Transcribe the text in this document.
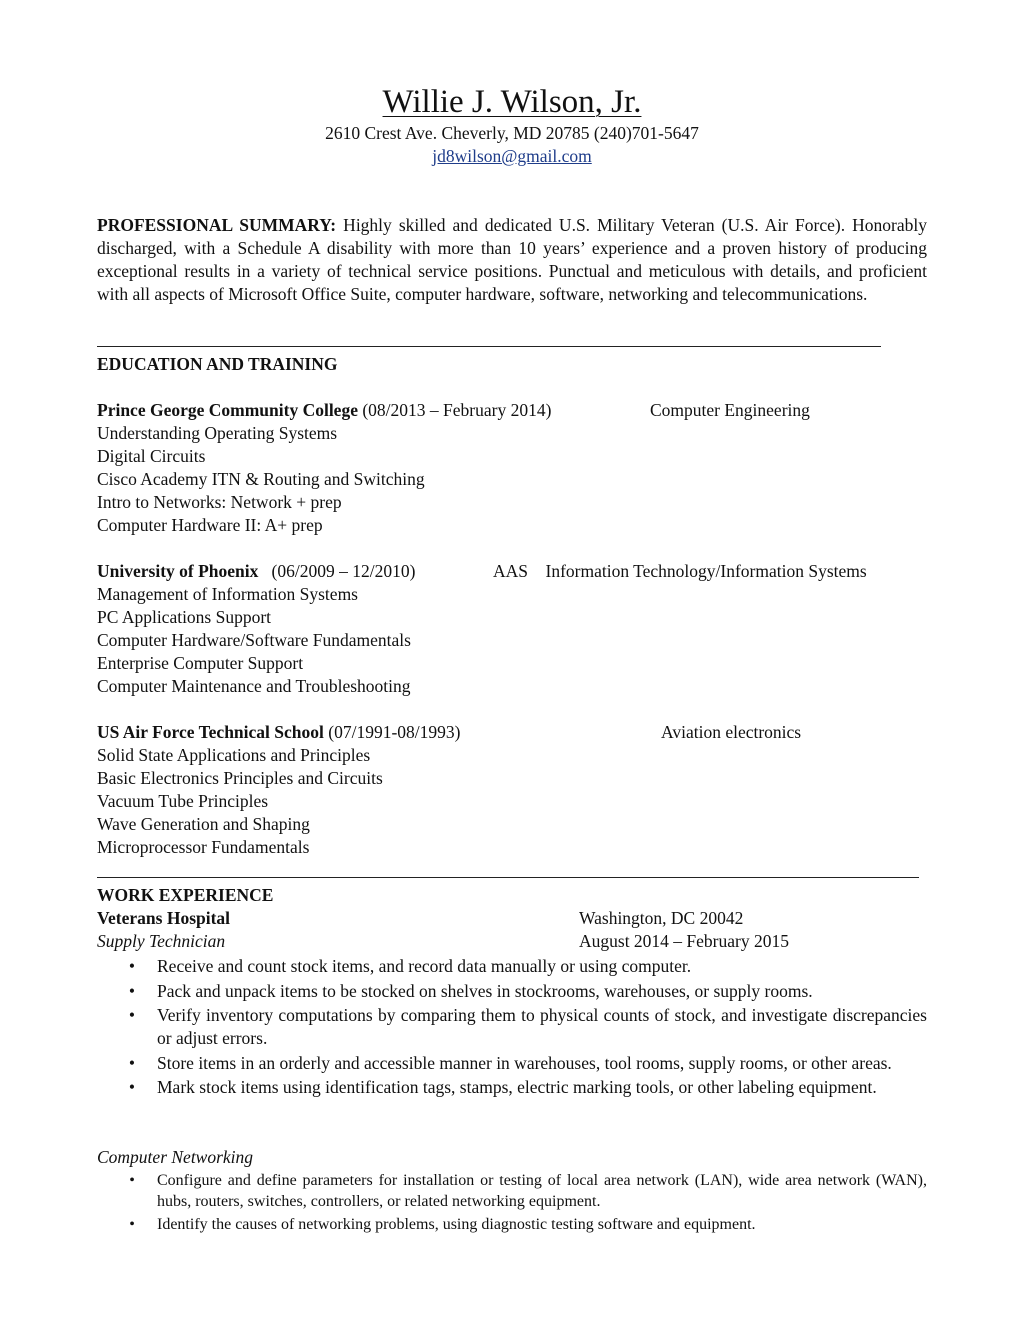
Willie J. Wilson, Jr.
2610 Crest Ave. Cheverly, MD 20785 (240)701-5647
jd8wilson@gmail.com
PROFESSIONAL SUMMARY: Highly skilled and dedicated U.S. Military Veteran (U.S. Air Force). Honorably discharged, with a Schedule A disability with more than 10 years’ experience and a proven history of producing exceptional results in a variety of technical service positions. Punctual and meticulous with details, and proficient with all aspects of Microsoft Office Suite, computer hardware, software, networking and telecommunications.
EDUCATION AND TRAINING
Prince George Community College (08/2013 – February 2014)	Computer Engineering
Understanding Operating Systems
Digital Circuits
Cisco Academy ITN & Routing and Switching
Intro to Networks: Network + prep
Computer Hardware II: A+ prep
University of Phoenix   (06/2009 – 12/2010)	AAS    Information Technology/Information Systems
Management of Information Systems
PC Applications Support
Computer Hardware/Software Fundamentals
Enterprise Computer Support
Computer Maintenance and Troubleshooting
US Air Force Technical School (07/1991-08/1993)	Aviation electronics
Solid State Applications and Principles
Basic Electronics Principles and Circuits
Vacuum Tube Principles
Wave Generation and Shaping
Microprocessor Fundamentals
WORK EXPERIENCE
Veterans Hospital	Washington, DC 20042
Supply Technician	August 2014 – February 2015
• Receive and count stock items, and record data manually or using computer.
• Pack and unpack items to be stocked on shelves in stockrooms, warehouses, or supply rooms.
• Verify inventory computations by comparing them to physical counts of stock, and investigate discrepancies or adjust errors.
• Store items in an orderly and accessible manner in warehouses, tool rooms, supply rooms, or other areas.
• Mark stock items using identification tags, stamps, electric marking tools, or other labeling equipment.
Computer Networking
• Configure and define parameters for installation or testing of local area network (LAN), wide area network (WAN), hubs, routers, switches, controllers, or related networking equipment.
• Identify the causes of networking problems, using diagnostic testing software and equipment.
